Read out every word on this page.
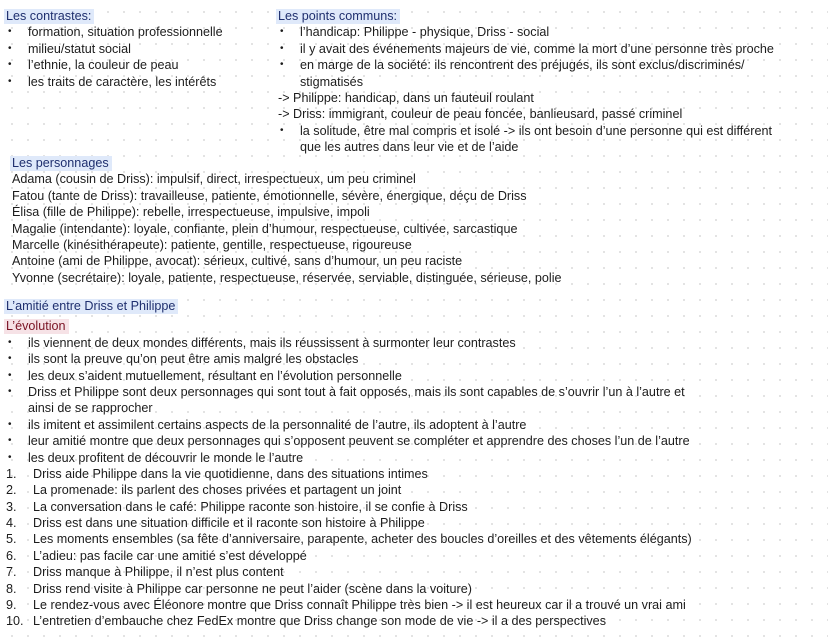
Les contrastes:
• formation, situation professionnelle
• milieu/statut social
• l’ethnie, la couleur de peau
• les traits de caractère, les intérêts
Les points communs:
• l’handicap: Philippe - physique, Driss - social
• il y avait des événements majeurs de vie, comme la mort d’une personne très proche
• en marge de la société: ils rencontrent des préjugés, ils sont exclus/discriminés/
stigmatisés
-> Philippe: handicap, dans un fauteuil roulant
-> Driss: immigrant, couleur de peau foncée, banlieusard, passé criminel
• la solitude, être mal compris et isolé -> ils ont besoin d’une personne qui est différent
que les autres dans leur vie et de l’aide
Les personnages
Adama (cousin de Driss): impulsif, direct, irrespectueux, um peu criminel
Fatou (tante de Driss): travailleuse, patiente, émotionnelle, sévère, énergique, déçu de Driss
Élisa (fille de Philippe): rebelle, irrespectueuse, impulsive, impoli
Magalie (intendante): loyale, confiante, plein d’humour, respectueuse, cultivée, sarcastique
Marcelle (kinésithérapeute): patiente, gentille, respectueuse, rigoureuse
Antoine (ami de Philippe, avocat): sérieux, cultivé, sans d’humour, un peu raciste
Yvonne (secrétaire): loyale, patiente, respectueuse, réservée, serviable, distinguée, sérieuse, polie
L’amitié entre Driss et Philippe
L’évolution
• ils viennent de deux mondes différents, mais ils réussissent à surmonter leur contrastes
• ils sont la preuve qu’on peut être amis malgré les obstacles
• les deux s’aident mutuellement, résultant en l’évolution personnelle
• Driss et Philippe sont deux personnages qui sont tout à fait opposés, mais ils sont capables de s’ouvrir l’un à l’autre et
ainsi de se rapprocher
• ils imitent et assimilent certains aspects de la personnalité de l’autre, ils adoptent à l’autre
• leur amitié montre que deux personnages qui s’opposent peuvent se compléter et apprendre des choses l’un de l’autre
• les deux profitent de découvrir le monde le l’autre
1. Driss aide Philippe dans la vie quotidienne, dans des situations intimes
2. La promenade: ils parlent des choses privées et partagent un joint
3. La conversation dans le café: Philippe raconte son histoire, il se confie à Driss
4. Driss est dans une situation difficile et il raconte son histoire à Philippe
5. Les moments ensembles (sa fête d’anniversaire, parapente, acheter des boucles d’oreilles et des vêtements élégants)
6. L’adieu: pas facile car une amitié s’est développé
7. Driss manque à Philippe, il n’est plus content
8. Driss rend visite à Philippe car personne ne peut l’aider (scène dans la voiture)
9. Le rendez-vous avec Éléonore montre que Driss connaît Philippe très bien -> il est heureux car il a trouvé un vrai ami
10. L’entretien d’embauche chez FedEx montre que Driss change son mode de vie -> il a des perspectives
